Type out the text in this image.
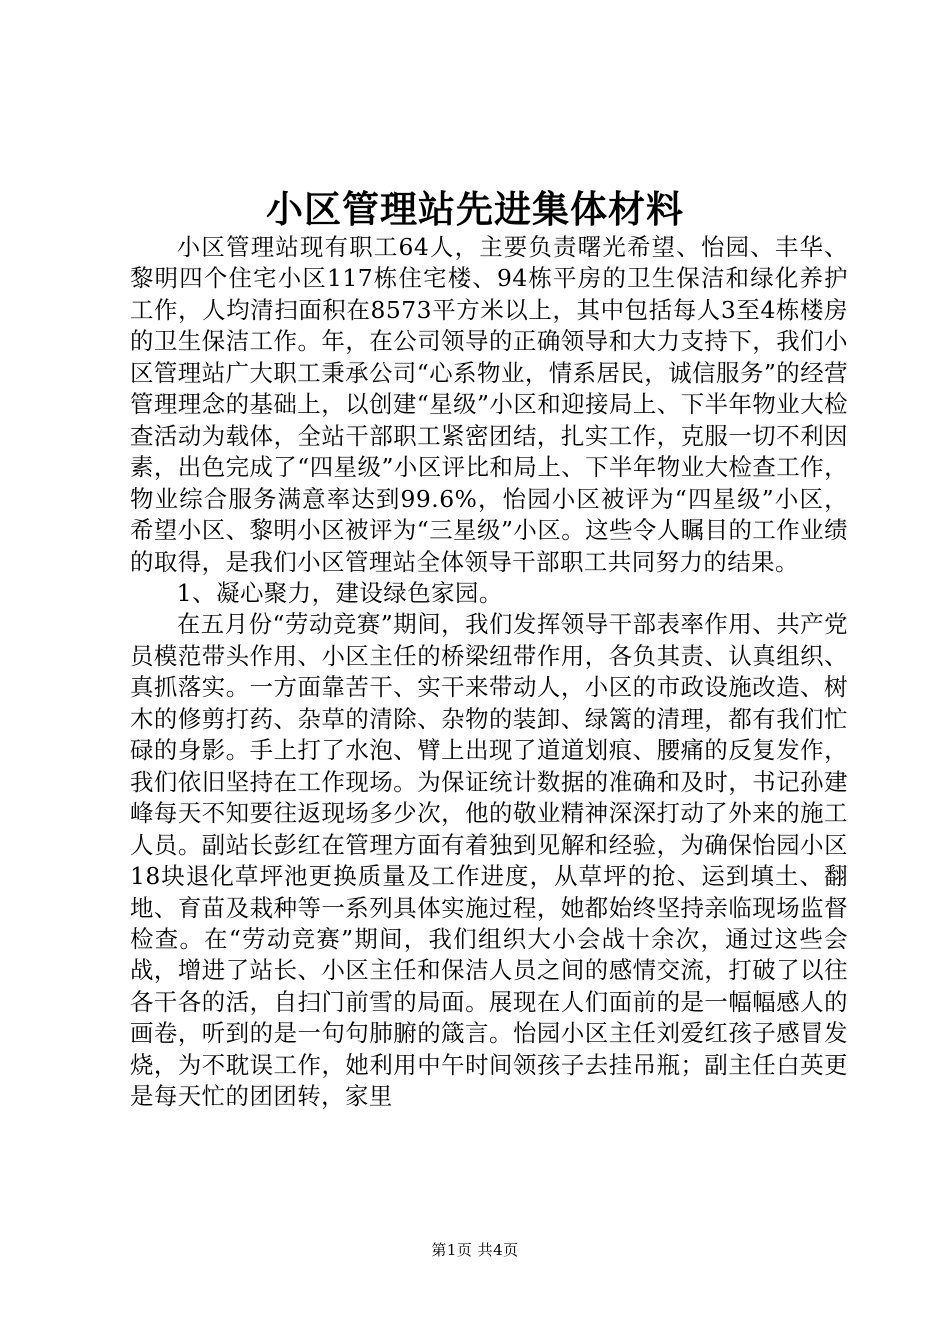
小区管理站先进集体材料

小区管理站现有职工64人，主要负责曙光希望、怡园、丰华、黎明四个住宅小区117栋住宅楼、94栋平房的卫生保洁和绿化养护工作，人均清扫面积在8573平方米以上，其中包括每人3至4栋楼房的卫生保洁工作。年，在公司领导的正确领导和大力支持下，我们小区管理站广大职工秉承公司“心系物业，情系居民，诚信服务”的经营管理理念的基础上，以创建“星级”小区和迎接局上、下半年物业大检查活动为载体，全站干部职工紧密团结，扎实工作，克服一切不利因素，出色完成了“四星级”小区评比和局上、下半年物业大检查工作，物业综合服务满意率达到99.6%，怡园小区被评为“四星级”小区，希望小区、黎明小区被评为“三星级”小区。这些令人瞩目的工作业绩的取得，是我们小区管理站全体领导干部职工共同努力的结果。

1、凝心聚力，建设绿色家园。

在五月份“劳动竞赛”期间，我们发挥领导干部表率作用、共产党员模范带头作用、小区主任的桥梁纽带作用，各负其责、认真组织、真抓落实。一方面靠苦干、实干来带动人，小区的市政设施改造、树木的修剪打药、杂草的清除、杂物的装卸、绿篱的清理，都有我们忙碌的身影。手上打了水泡、臂上出现了道道划痕、腰痛的反复发作，我们依旧坚持在工作现场。为保证统计数据的准确和及时，书记孙建峰每天不知要往返现场多少次，他的敬业精神深深打动了外来的施工人员。副站长彭红在管理方面有着独到见解和经验，为确保怡园小区18块退化草坪池更换质量及工作进度，从草坪的抢、运到填土、翻地、育苗及栽种等一系列具体实施过程，她都始终坚持亲临现场监督检查。在“劳动竞赛”期间，我们组织大小会战十余次，通过这些会战，增进了站长、小区主任和保洁人员之间的感情交流，打破了以往各干各的活，自扫门前雪的局面。展现在人们面前的是一幅幅感人的画卷，听到的是一句句肺腑的箴言。怡园小区主任刘爱红孩子感冒发烧，为不耽误工作，她利用中午时间领孩子去挂吊瓶；副主任白英更是每天忙的团团转，家里

第1页 共4页
